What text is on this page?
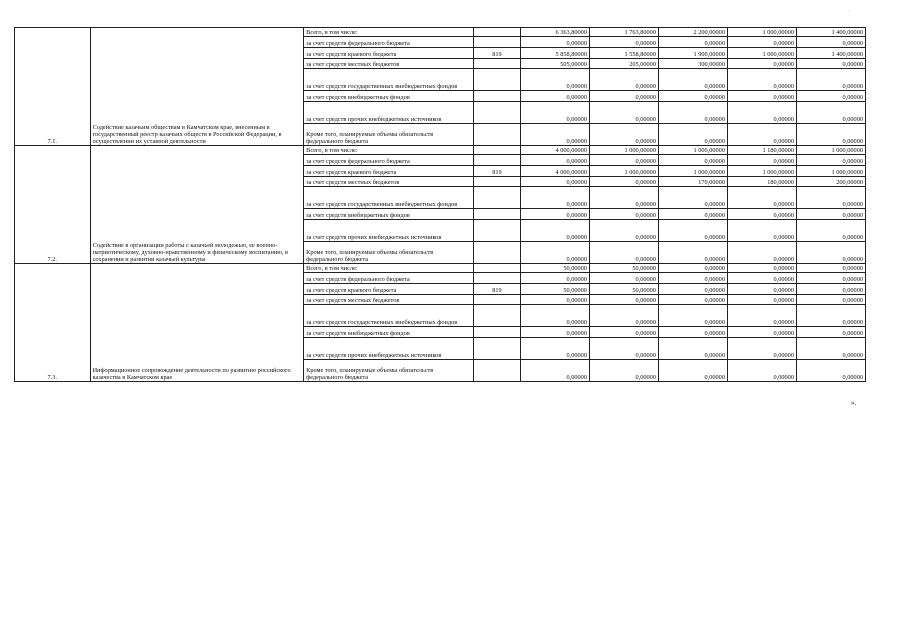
·
7.1.	Содействие казачьим обществам в Камчатском крае, внесенным в государственный реестр казачьих обществ в Российской Федерации, в осуществлении их уставной деятельности	Всего, в том числе:		6 363,80000	1 763,80000	2 200,00000	1 000,00000	1 400,00000
		за счет средств федерального бюджета		0,00000	0,00000	0,00000	0,00000	0,00000
		за счет средств краевого бюджета	819	5 858,80000	1 558,80000	1 900,00000	1 000,00000	1 400,00000
		за счет средств местных бюджетов		505,00000	205,00000	300,00000	0,00000	0,00000
		за счет средств государственных внебюджетных фондов		0,00000	0,00000	0,00000	0,00000	0,00000
		за счет средств внебюджетных фондов		0,00000	0,00000	0,00000	0,00000	0,00000
		за счет средств прочих внебюджетных источников		0,00000	0,00000	0,00000	0,00000	0,00000
		Кроме того, планируемые объемы обязательств федерального бюджета		0,00000	0,00000	0,00000	0,00000	0,00000
7.2.	Содействие в организации работы с казачьей молодежью, ее военно-патриотическому, духовно-нравственному и физическому воспитанию, в сохранении и развитии казачьей культуры	Всего, в том числе:		4 000,00000	1 000,00000	1 000,00000	1 180,00000	1 000,00000
		за счет средств федерального бюджета		0,00000	0,00000	0,00000	0,00000	0,00000
		за счет средств краевого бюджета	819	4 000,00000	1 000,00000	1 000,00000	1 000,00000	1 000,00000
		за счет средств местных бюджетов		0,00000	0,00000	170,00000	180,00000	200,00000
		за счет средств государственных внебюджетных фондов		0,00000	0,00000	0,00000	0,00000	0,00000
		за счет средств внебюджетных фондов		0,00000	0,00000	0,00000	0,00000	0,00000
		за счет средств прочих внебюджетных источников		0,00000	0,00000	0,00000	0,00000	0,00000
		Кроме того, планируемые объемы обязательств федерального бюджета		0,00000	0,00000	0,00000	0,00000	0,00000
7.3.	Информационное сопровождение деятельности по развитию российского казачества в Камчатском крае	Всего, в том числе:		50,00000	50,00000	0,00000	0,00000	0,00000
		за счет средств федерального бюджета		0,00000	0,00000	0,00000	0,00000	0,00000
		за счет средств краевого бюджета	819	50,00000	50,00000	0,00000	0,00000	0,00000
		за счет средств местных бюджетов		0,00000	0,00000	0,00000	0,00000	0,00000
		за счет средств государственных внебюджетных фондов		0,00000	0,00000	0,00000	0,00000	0,00000
		за счет средств внебюджетных фондов		0,00000	0,00000	0,00000	0,00000	0,00000
		за счет средств прочих внебюджетных источников		0,00000	0,00000	0,00000	0,00000	0,00000
		Кроме того, планируемые объемы обязательств федерального бюджета		0,00000	0,00000	0,00000	0,00000	0,00000
».
